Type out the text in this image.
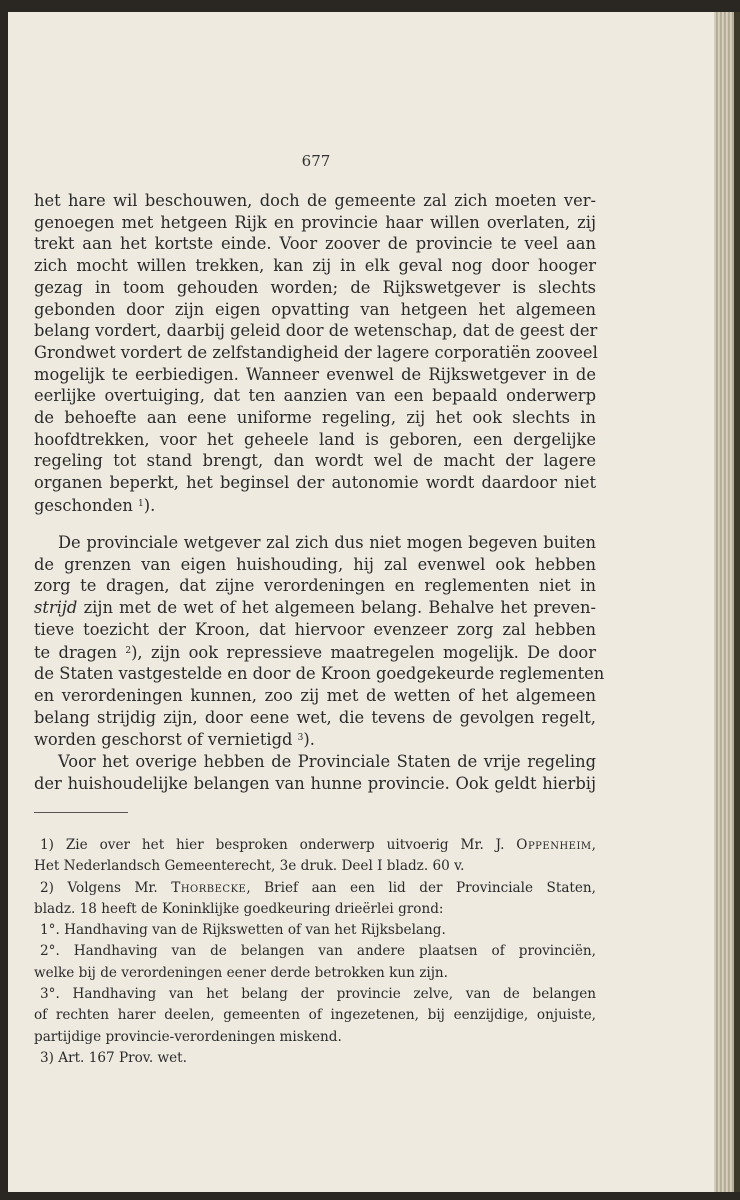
677
het hare wil beschouwen, doch de gemeente zal zich moeten ver-
genoegen met hetgeen Rijk en provincie haar willen overlaten, zij
trekt aan het kortste einde. Voor zoover de provincie te veel aan
zich mocht willen trekken, kan zij in elk geval nog door hooger
gezag in toom gehouden worden; de Rijkswetgever is slechts
gebonden door zijn eigen opvatting van hetgeen het algemeen
belang vordert, daarbij geleid door de wetenschap, dat de geest der
Grondwet vordert de zelfstandigheid der lagere corporatiën zooveel
mogelijk te eerbiedigen. Wanneer evenwel de Rijkswetgever in de
eerlijke overtuiging, dat ten aanzien van een bepaald onderwerp
de behoefte aan eene uniforme regeling, zij het ook slechts in
hoofdtrekken, voor het geheele land is geboren, een dergelijke
regeling tot stand brengt, dan wordt wel de macht der lagere
organen beperkt, het beginsel der autonomie wordt daardoor niet
geschonden $^1$).
De provinciale wetgever zal zich dus niet mogen begeven buiten
de grenzen van eigen huishouding, hij zal evenwel ook hebben
zorg te dragen, dat zijne verordeningen en reglementen niet in
strijd zijn met de wet of het algemeen belang. Behalve het preven-
tieve toezicht der Kroon, dat hiervoor evenzeer zorg zal hebben
te dragen $^2$), zijn ook repressieve maatregelen mogelijk. De door
de Staten vastgestelde en door de Kroon goedgekeurde reglementen
en verordeningen kunnen, zoo zij met de wetten of het algemeen
belang strijdig zijn, door eene wet, die tevens de gevolgen regelt,
worden geschorst of vernietigd $^3$).
Voor het overige hebben de Provinciale Staten de vrije regeling
der huishoudelijke belangen van hunne provincie. Ook geldt hierbij
1) Zie over het hier besproken onderwerp uitvoerig Mr. J. Oppenheim,
Het Nederlandsch Gemeenterecht, 3e druk. Deel I bladz. 60 v.
2) Volgens Mr. Thorbecke, Brief aan een lid der Provinciale Staten,
bladz. 18 heeft de Koninklijke goedkeuring drieërlei grond:
1°. Handhaving van de Rijkswetten of van het Rijksbelang.
2°. Handhaving van de belangen van andere plaatsen of provinciën,
welke bij de verordeningen eener derde betrokken kun zijn.
3°. Handhaving van het belang der provincie zelve, van de belangen
of rechten harer deelen, gemeenten of ingezetenen, bij eenzijdige, onjuiste,
partijdige provincie-verordeningen miskend.
3) Art. 167 Prov. wet.
